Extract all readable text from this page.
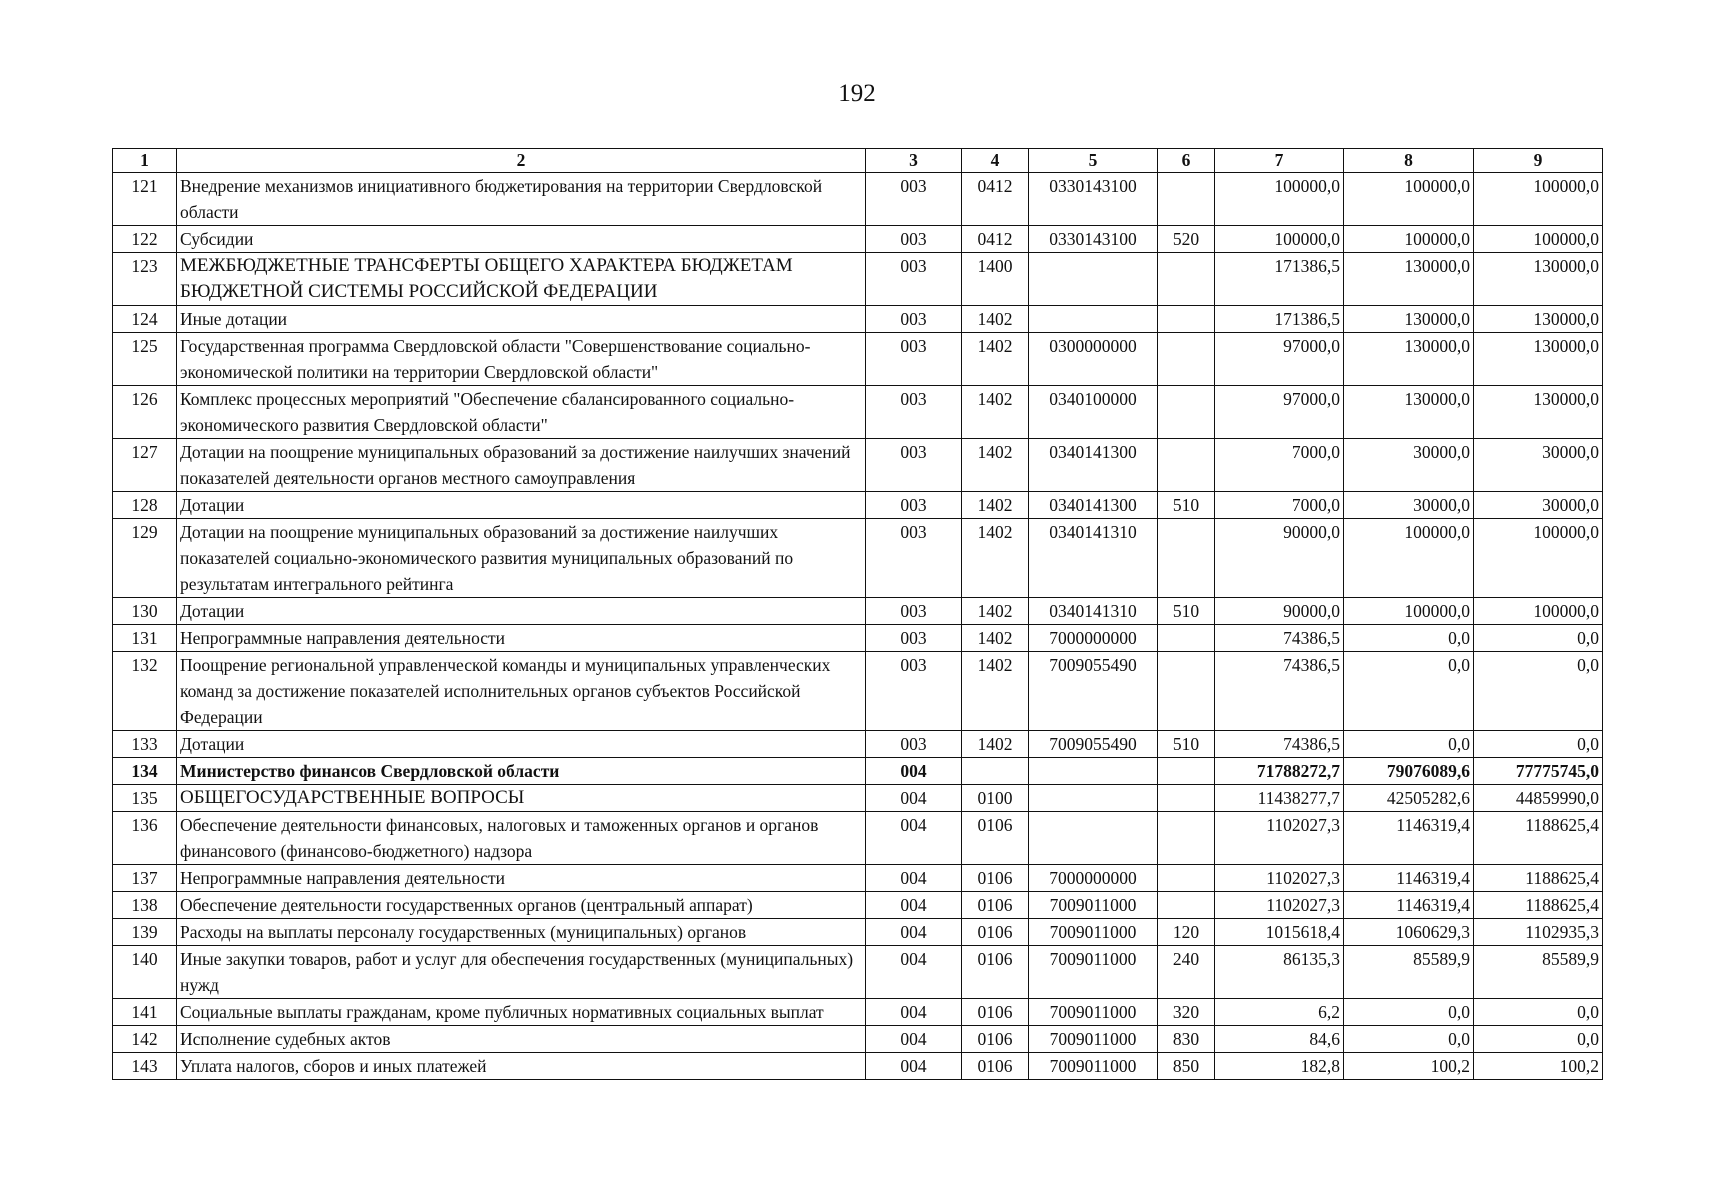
192
1	2	3	4	5	6	7	8	9
121	Внедрение механизмов инициативного бюджетирования на территории Свердловской области	003	0412	0330143100		100000,0	100000,0	100000,0
122	Субсидии	003	0412	0330143100	520	100000,0	100000,0	100000,0
123	МЕЖБЮДЖЕТНЫЕ ТРАНСФЕРТЫ ОБЩЕГО ХАРАКТЕРА БЮДЖЕТАМ БЮДЖЕТНОЙ СИСТЕМЫ РОССИЙСКОЙ ФЕДЕРАЦИИ	003	1400			171386,5	130000,0	130000,0
124	Иные дотации	003	1402			171386,5	130000,0	130000,0
125	Государственная программа Свердловской области "Совершенствование социально-экономической политики на территории Свердловской области"	003	1402	0300000000		97000,0	130000,0	130000,0
126	Комплекс процессных мероприятий "Обеспечение сбалансированного социально-экономического развития Свердловской области"	003	1402	0340100000		97000,0	130000,0	130000,0
127	Дотации на поощрение муниципальных образований за достижение наилучших значений показателей деятельности органов местного самоуправления	003	1402	0340141300		7000,0	30000,0	30000,0
128	Дотации	003	1402	0340141300	510	7000,0	30000,0	30000,0
129	Дотации на поощрение муниципальных образований за достижение наилучших показателей социально-экономического развития муниципальных образований по результатам интегрального рейтинга	003	1402	0340141310		90000,0	100000,0	100000,0
130	Дотации	003	1402	0340141310	510	90000,0	100000,0	100000,0
131	Непрограммные направления деятельности	003	1402	7000000000		74386,5	0,0	0,0
132	Поощрение региональной управленческой команды и муниципальных управленческих команд за достижение показателей исполнительных органов субъектов Российской Федерации	003	1402	7009055490		74386,5	0,0	0,0
133	Дотации	003	1402	7009055490	510	74386,5	0,0	0,0
134	Министерство финансов Свердловской области	004				71788272,7	79076089,6	77775745,0
135	ОБЩЕГОСУДАРСТВЕННЫЕ ВОПРОСЫ	004	0100			11438277,7	42505282,6	44859990,0
136	Обеспечение деятельности финансовых, налоговых и таможенных органов и органов финансового (финансово-бюджетного) надзора	004	0106			1102027,3	1146319,4	1188625,4
137	Непрограммные направления деятельности	004	0106	7000000000		1102027,3	1146319,4	1188625,4
138	Обеспечение деятельности государственных органов (центральный аппарат)	004	0106	7009011000		1102027,3	1146319,4	1188625,4
139	Расходы на выплаты персоналу государственных (муниципальных) органов	004	0106	7009011000	120	1015618,4	1060629,3	1102935,3
140	Иные закупки товаров, работ и услуг для обеспечения государственных (муниципальных) нужд	004	0106	7009011000	240	86135,3	85589,9	85589,9
141	Социальные выплаты гражданам, кроме публичных нормативных социальных выплат	004	0106	7009011000	320	6,2	0,0	0,0
142	Исполнение судебных актов	004	0106	7009011000	830	84,6	0,0	0,0
143	Уплата налогов, сборов и иных платежей	004	0106	7009011000	850	182,8	100,2	100,2
